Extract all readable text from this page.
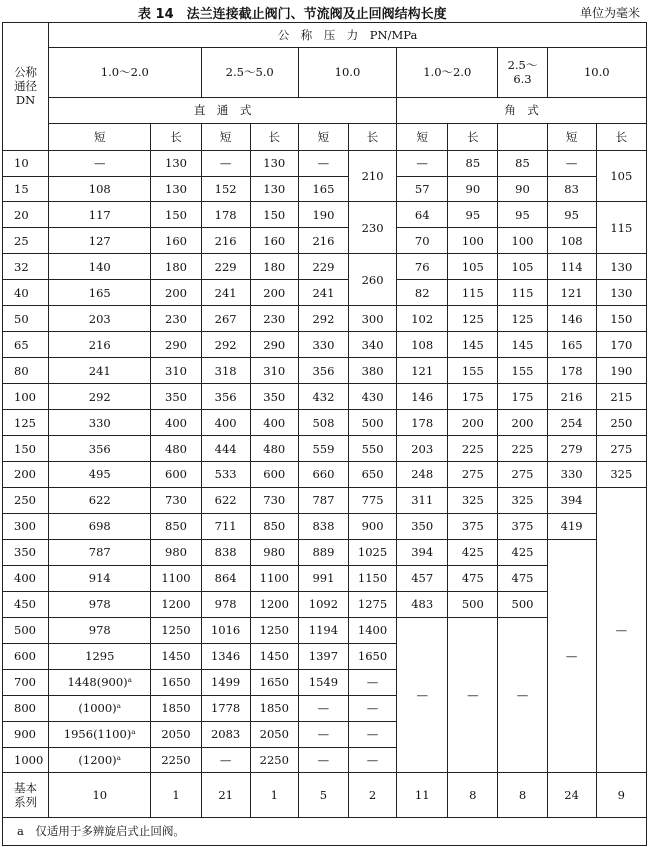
表 14　法兰连接截止阀门、节流阀及止回阀结构长度	单位为毫米
公称
通径
DN	公　称　压　力　PN/MPa										
	1.0～2.0		2.5～5.0		10.0		1.0～2.0		2.5～6.3	10.0	
	直　通　式						角　式				
	短	长	短	长	短	长	短	长		短	长
10	—	130	—	130	—	210	—	85	85	—	105
15	108	130	152	130	165		57	90	90	83	
20	117	150	178	150	190	230	64	95	95	95	115
25	127	160	216	160	216		70	100	100	108	
32	140	180	229	180	229	260	76	105	105	114	130
40	165	200	241	200	241		82	115	115	121	130
50	203	230	267	230	292	300	102	125	125	146	150
65	216	290	292	290	330	340	108	145	145	165	170
80	241	310	318	310	356	380	121	155	155	178	190
100	292	350	356	350	432	430	146	175	175	216	215
125	330	400	400	400	508	500	178	200	200	254	250
150	356	480	444	480	559	550	203	225	225	279	275
200	495	600	533	600	660	650	248	275	275	330	325
250	622	730	622	730	787	775	311	325	325	394	—
300	698	850	711	850	838	900	350	375	375	419	
350	787	980	838	980	889	1025	394	425	425	—	
400	914	1100	864	1100	991	1150	457	475	475		
450	978	1200	978	1200	1092	1275	483	500	500		
500	978	1250	1016	1250	1194	1400	—	—	—		
600	1295	1450	1346	1450	1397	1650					
700	1448(900)ᵃ	1650	1499	1650	1549	—					
800	(1000)ᵃ	1850	1778	1850	—	—					
900	1956(1100)ᵃ	2050	2083	2050	—	—					
1000	(1200)ᵃ	2250	—	2250	—	—					

基本
系列	10	1	21	1	5	2	11	8	8	24	9
a　仅适用于多辨旋启式止回阀。											
